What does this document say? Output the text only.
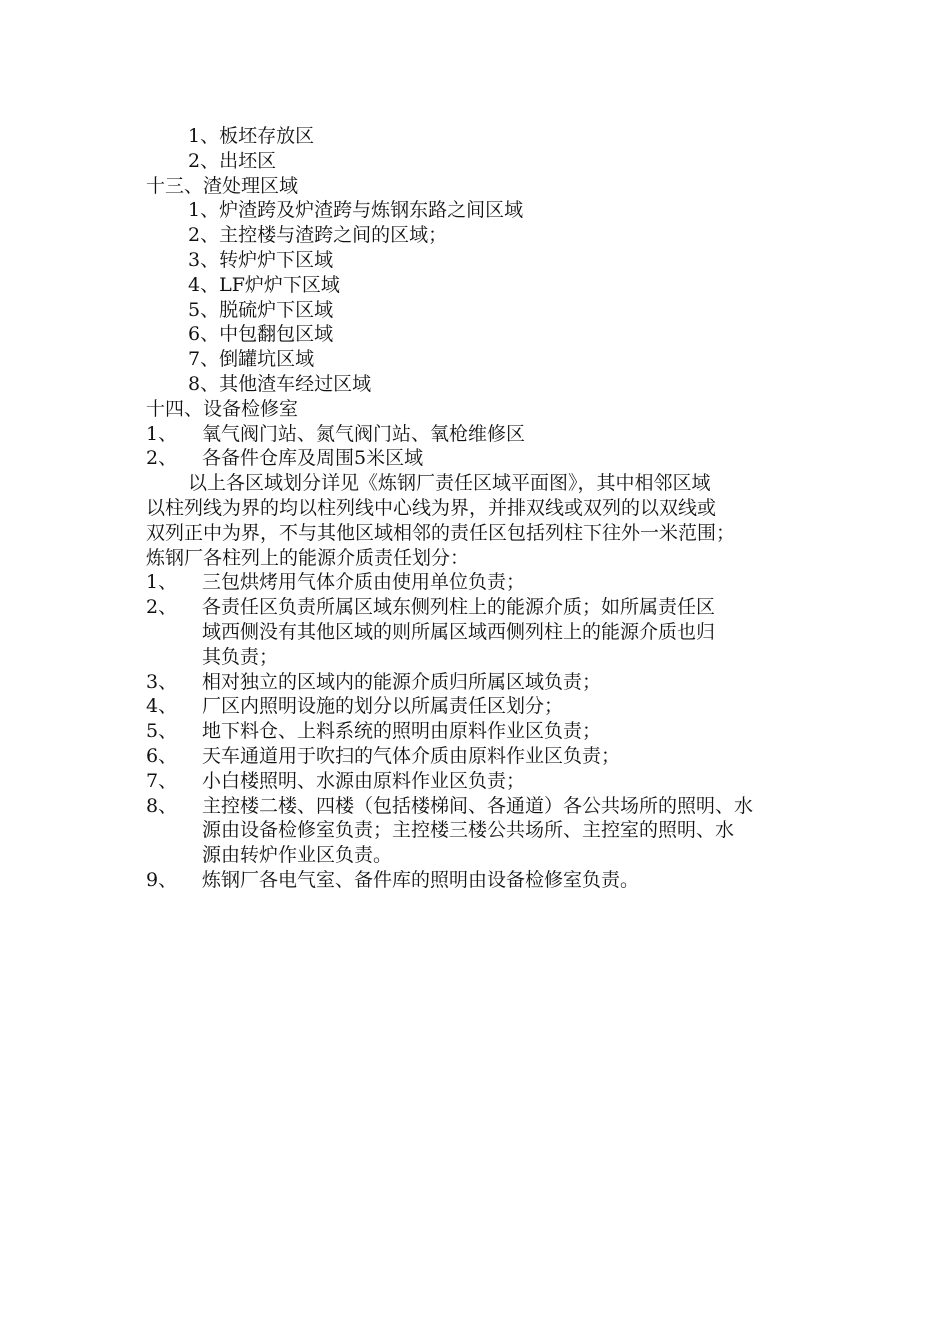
1、板坯存放区
2、出坯区
十三、渣处理区域
1、炉渣跨及炉渣跨与炼钢东路之间区域
2、主控楼与渣跨之间的区域；
3、转炉炉下区域
4、LF炉炉下区域
5、脱硫炉下区域
6、中包翻包区域
7、倒罐坑区域
8、其他渣车经过区域
十四、设备检修室
1、	氧气阀门站、氮气阀门站、氧枪维修区
2、	各备件仓库及周围5米区域
以上各区域划分详见《炼钢厂责任区域平面图》，其中相邻区域
以柱列线为界的均以柱列线中心线为界，并排双线或双列的以双线或
双列正中为界，不与其他区域相邻的责任区包括列柱下往外一米范围；
炼钢厂各柱列上的能源介质责任划分：
1、	三包烘烤用气体介质由使用单位负责；
2、	各责任区负责所属区域东侧列柱上的能源介质；如所属责任区
域西侧没有其他区域的则所属区域西侧列柱上的能源介质也归
其负责；
3、	相对独立的区域内的能源介质归所属区域负责；
4、	厂区内照明设施的划分以所属责任区划分；
5、	地下料仓、上料系统的照明由原料作业区负责；
6、	天车通道用于吹扫的气体介质由原料作业区负责；
7、	小白楼照明、水源由原料作业区负责；
8、	主控楼二楼、四楼（包括楼梯间、各通道）各公共场所的照明、水
源由设备检修室负责；主控楼三楼公共场所、主控室的照明、水
源由转炉作业区负责。
9、	炼钢厂各电气室、备件库的照明由设备检修室负责。
